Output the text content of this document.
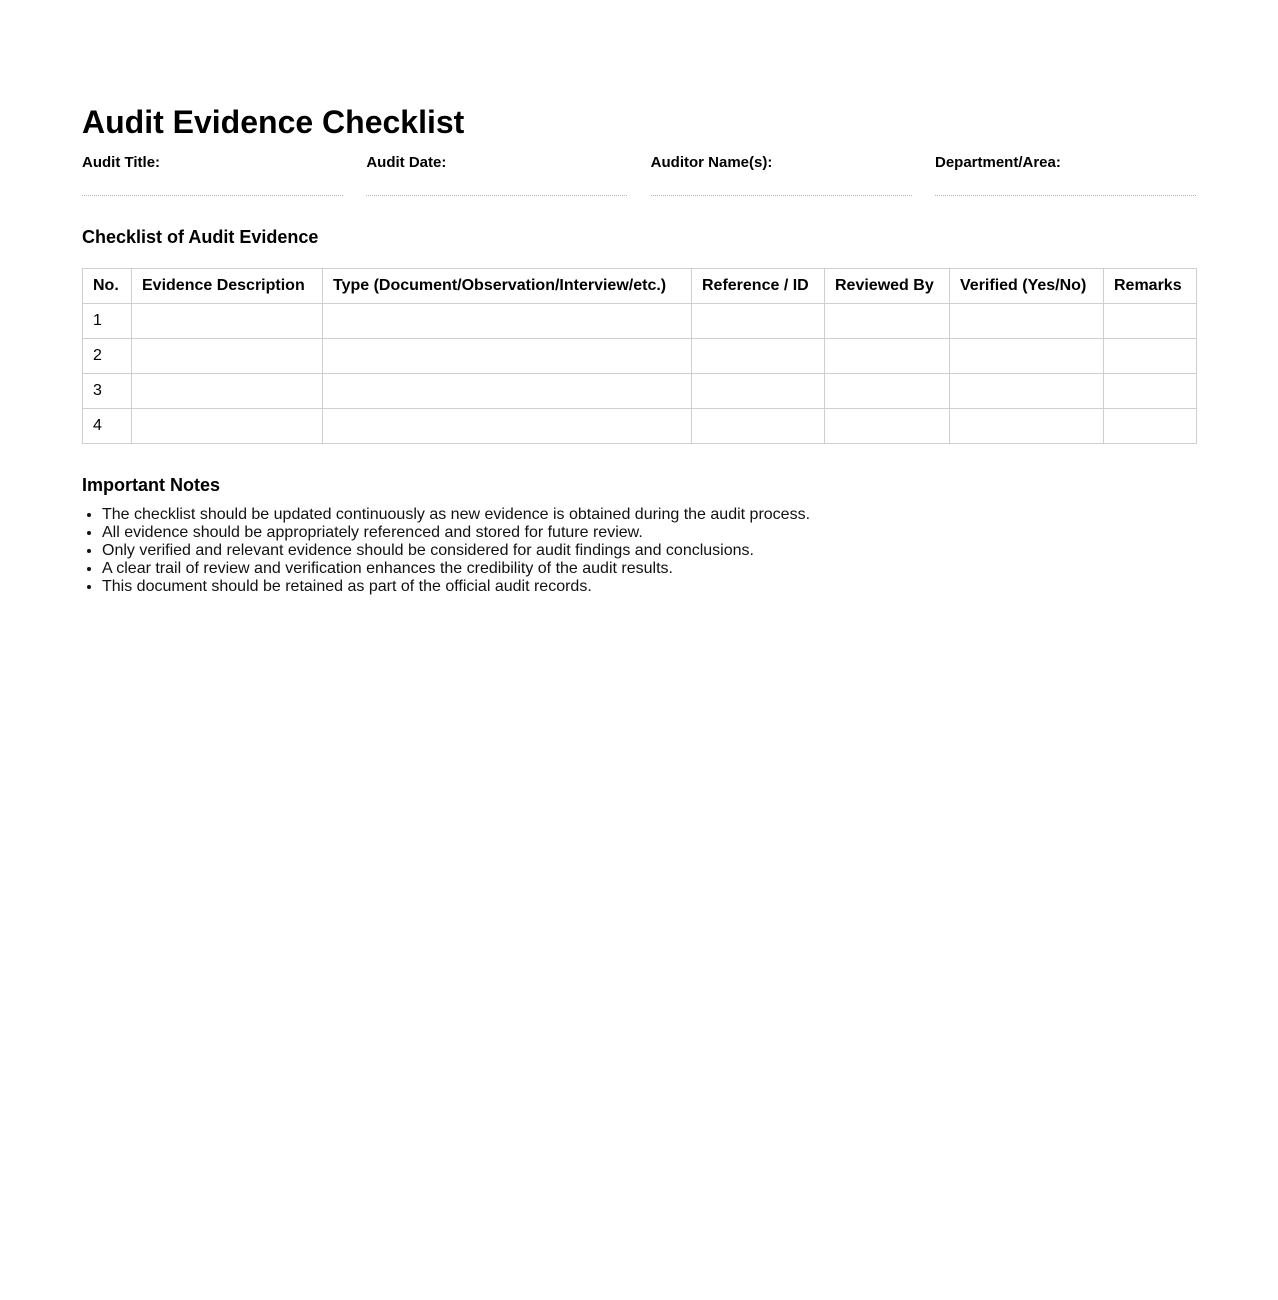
Audit Evidence Checklist
Audit Title:	Audit Date:	Auditor Name(s):	Department/Area:
Checklist of Audit Evidence
No.	Evidence Description	Type (Document/Observation/Interview/etc.)	Reference / ID	Reviewed By	Verified (Yes/No)	Remarks
1						
2						
3						
4						
Important Notes
• The checklist should be updated continuously as new evidence is obtained during the audit process.
• All evidence should be appropriately referenced and stored for future review.
• Only verified and relevant evidence should be considered for audit findings and conclusions.
• A clear trail of review and verification enhances the credibility of the audit results.
• This document should be retained as part of the official audit records.
